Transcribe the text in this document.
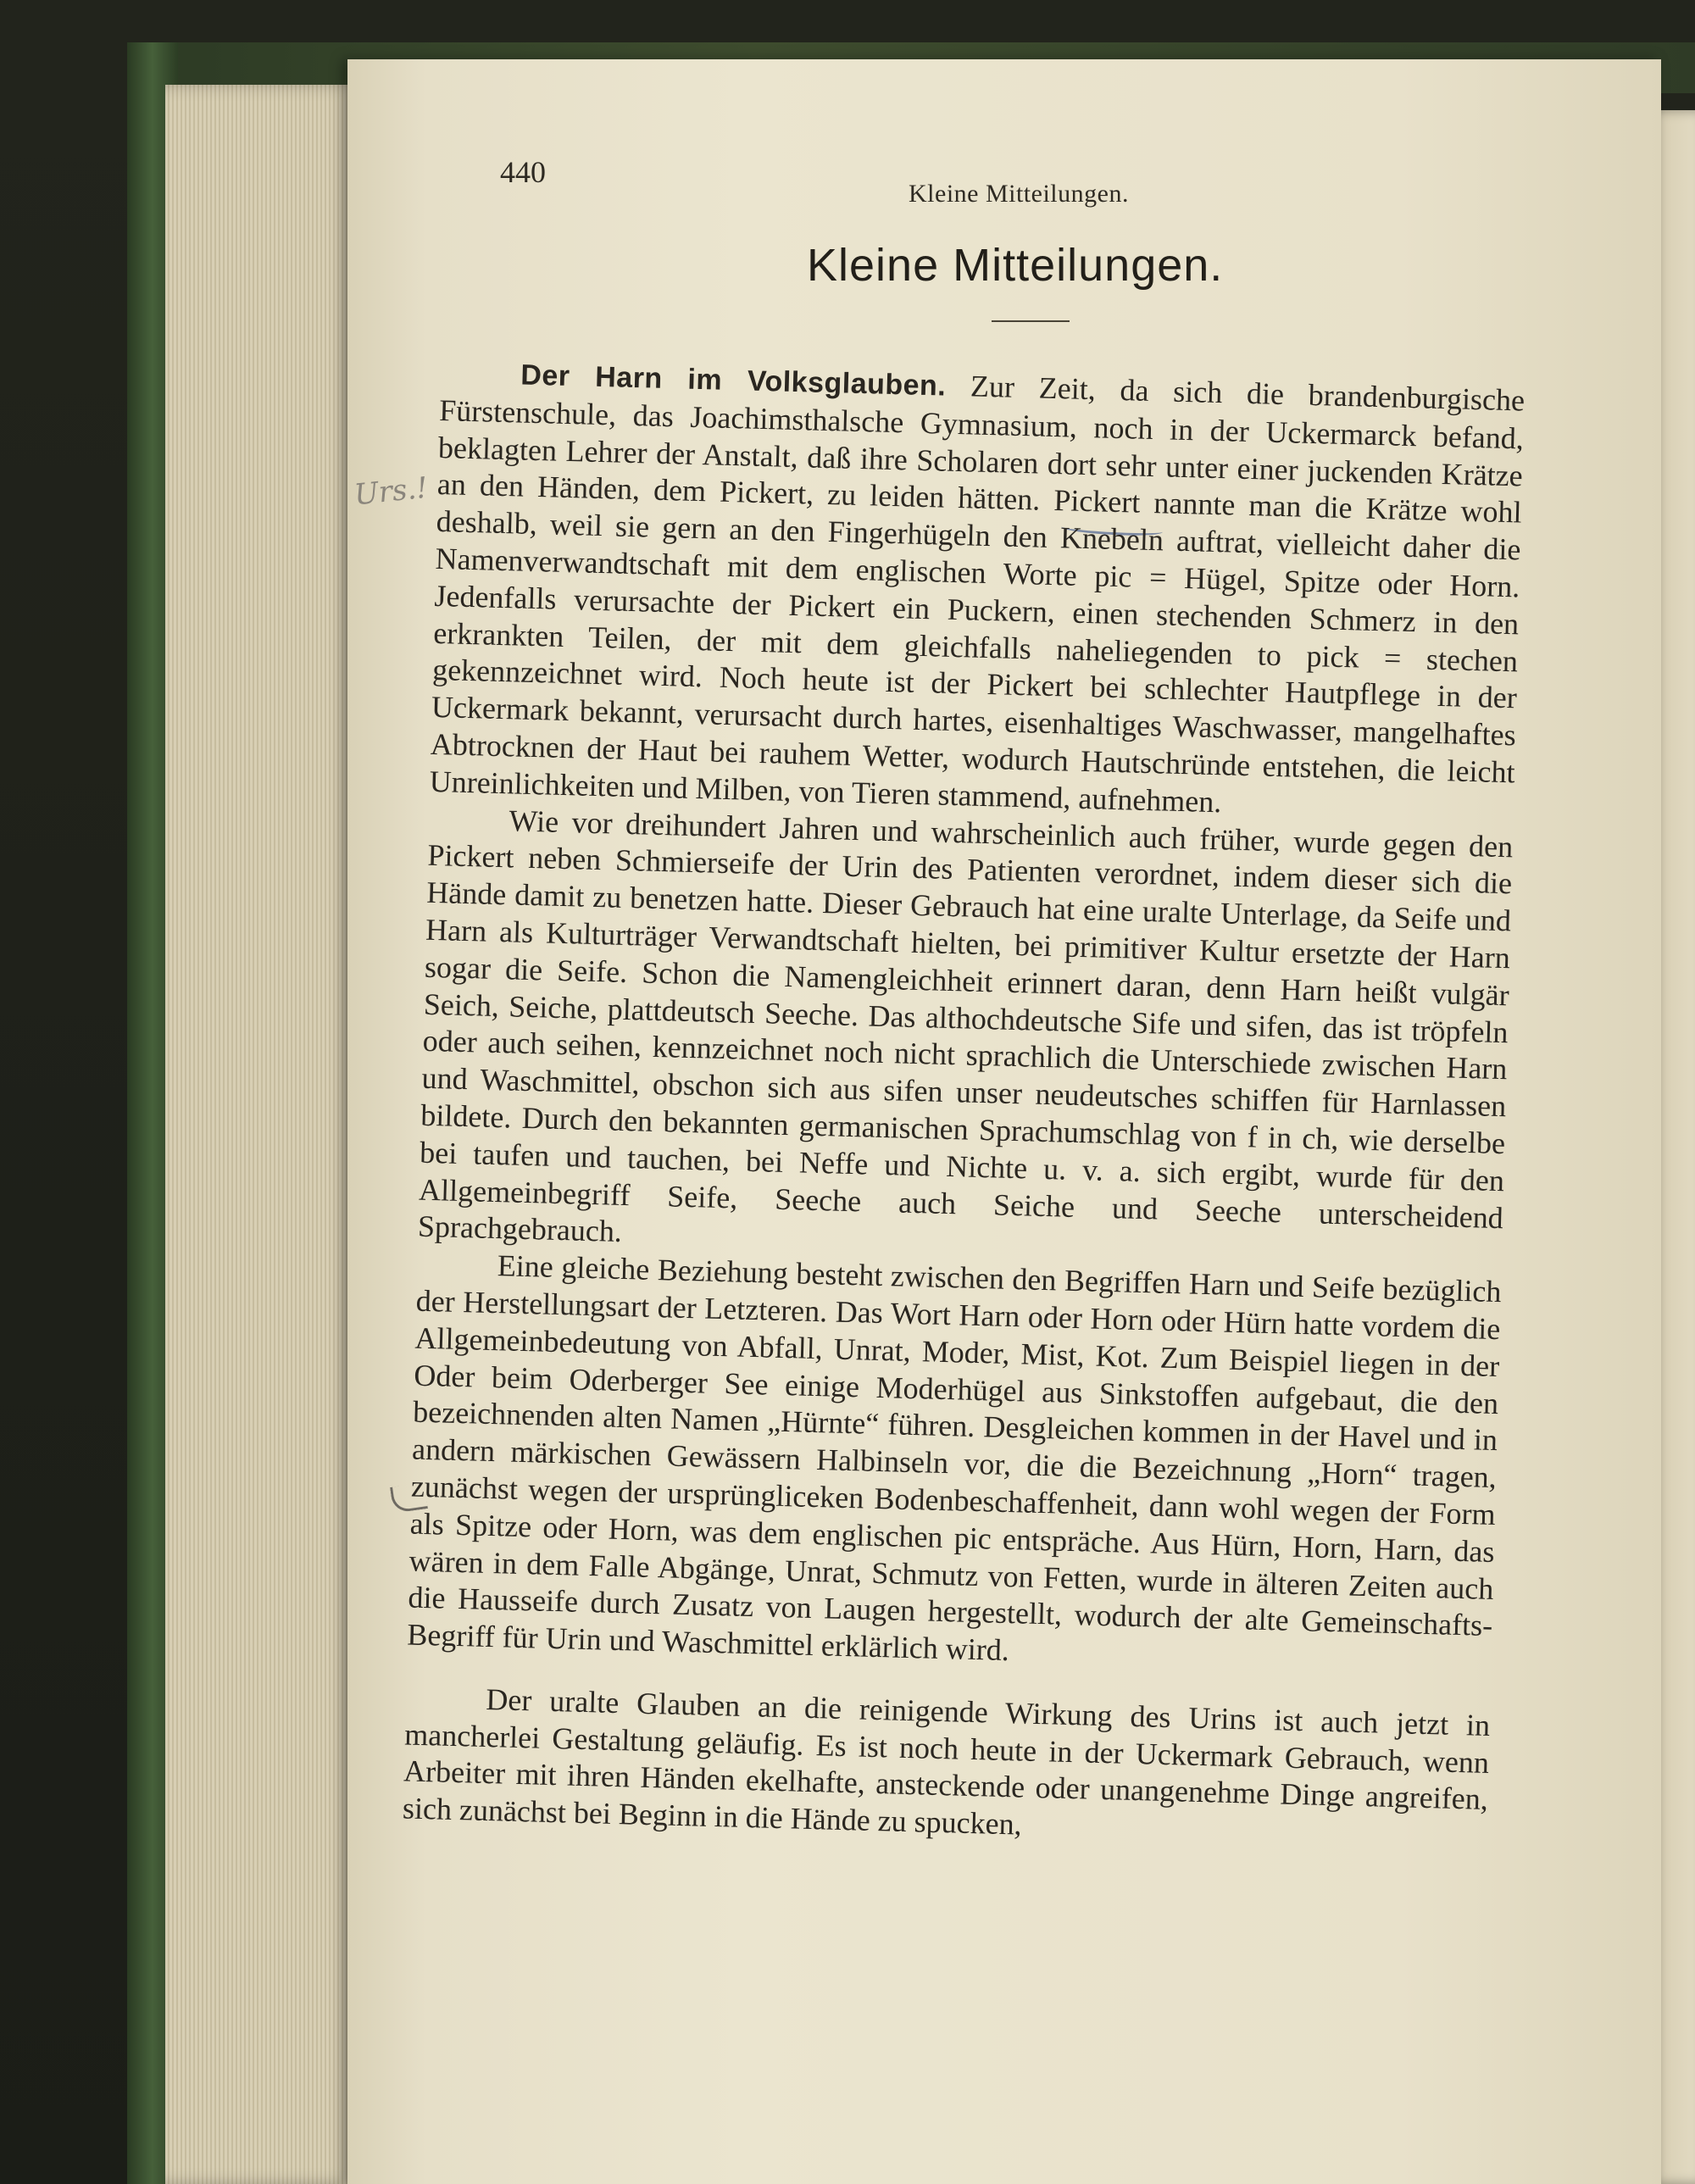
440
Kleine Mitteilungen.
Kleine Mitteilungen.
Urs.!

Der Harn im Volksglauben. Zur Zeit, da sich die brandenburgische Fürstenschule, das Joachimsthalsche Gymnasium, noch in der Uckermarck befand, beklagten Lehrer der Anstalt, daß ihre Scholaren dort sehr unter einer juckenden Krätze an den Händen, dem Pickert, zu leiden hätten. Pickert nannte man die Krätze wohl deshalb, weil sie gern an den Fingerhügeln den Knebeln auftrat, vielleicht daher die Namenverwandtschaft mit dem englischen Worte pic = Hügel, Spitze oder Horn. Jedenfalls verursachte der Pickert ein Puckern, einen stechenden Schmerz in den erkrankten Teilen, der mit dem gleichfalls naheliegenden to pick = stechen gekennzeichnet wird. Noch heute ist der Pickert bei schlechter Hautpflege in der Uckermark bekannt, verursacht durch hartes, eisenhaltiges Waschwasser, mangelhaftes Abtrocknen der Haut bei rauhem Wetter, wodurch Hautschründe entstehen, die leicht Unreinlichkeiten und Milben, von Tieren stammend, aufnehmen.

Wie vor dreihundert Jahren und wahrscheinlich auch früher, wurde gegen den Pickert neben Schmierseife der Urin des Patienten verordnet, indem dieser sich die Hände damit zu benetzen hatte. Dieser Gebrauch hat eine uralte Unterlage, da Seife und Harn als Kulturträger Verwandtschaft hielten, bei primitiver Kultur ersetzte der Harn sogar die Seife. Schon die Namengleichheit erinnert daran, denn Harn heißt vulgär Seich, Seiche, plattdeutsch Seeche. Das althochdeutsche Sife und sifen, das ist tröpfeln oder auch seihen, kennzeichnet noch nicht sprachlich die Unterschiede zwischen Harn und Waschmittel, obschon sich aus sifen unser neudeutsches schiffen für Harnlassen bildete. Durch den bekannten germanischen Sprachumschlag von f in ch, wie derselbe bei taufen und tauchen, bei Neffe und Nichte u. v. a. sich ergibt, wurde für den Allgemeinbegriff Seife, Seeche auch Seiche und Seeche unterscheidend Sprachgebrauch.

Eine gleiche Beziehung besteht zwischen den Begriffen Harn und Seife bezüglich der Herstellungsart der Letzteren. Das Wort Harn oder Horn oder Hürn hatte vordem die Allgemeinbedeutung von Abfall, Unrat, Moder, Mist, Kot. Zum Beispiel liegen in der Oder beim Oderberger See einige Moderhügel aus Sinkstoffen aufgebaut, die den bezeichnenden alten Namen „Hürnte“ führen. Desgleichen kommen in der Havel und in andern märkischen Gewässern Halbinseln vor, die die Bezeichnung „Horn“ tragen, zunächst wegen der ursprüngliceken Bodenbeschaffenheit, dann wohl wegen der Form als Spitze oder Horn, was dem englischen pic entspräche. Aus Hürn, Horn, Harn, das wären in dem Falle Abgänge, Unrat, Schmutz von Fetten, wurde in älteren Zeiten auch die Hausseife durch Zusatz von Laugen hergestellt, wodurch der alte Gemeinschafts-Begriff für Urin und Waschmittel erklärlich wird.

Der uralte Glauben an die reinigende Wirkung des Urins ist auch jetzt in mancherlei Gestaltung geläufig. Es ist noch heute in der Uckermark Gebrauch, wenn Arbeiter mit ihren Händen ekelhafte, ansteckende oder unangenehme Dinge angreifen, sich zunächst bei Beginn in die Hände zu spucken,
